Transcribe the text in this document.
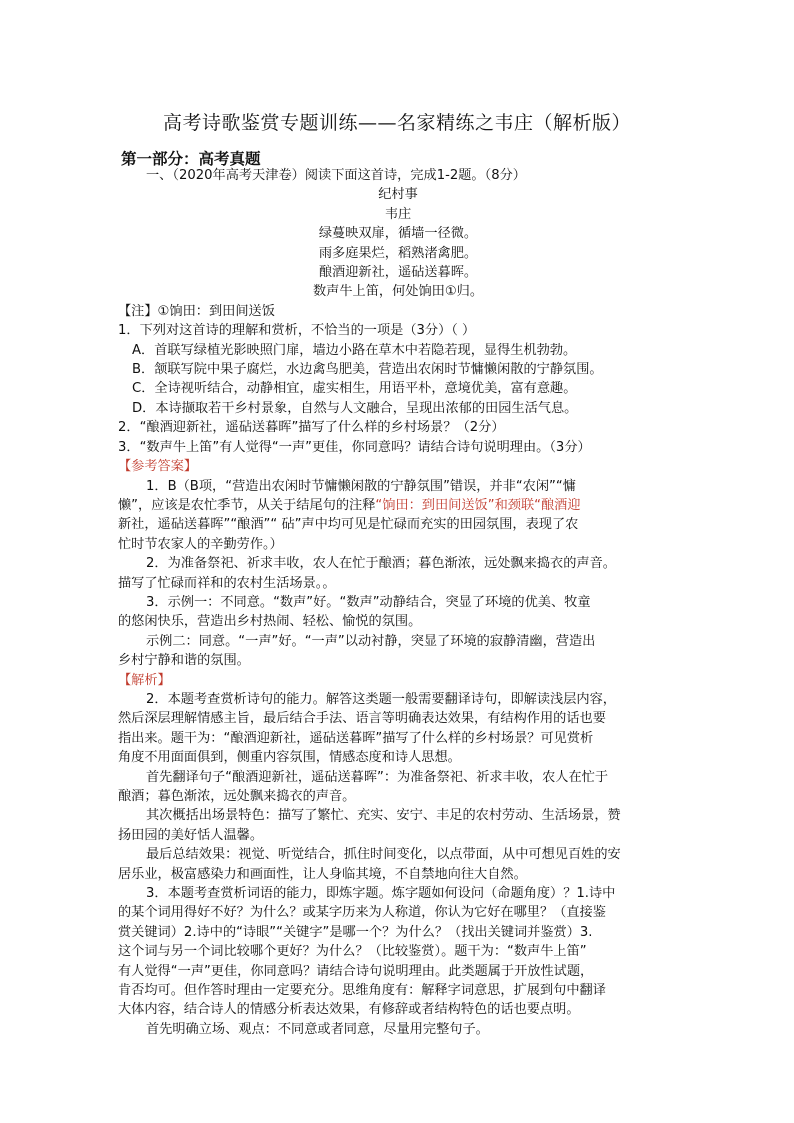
高考诗歌鉴赏专题训练——名家精练之韦庄（解析版）
第一部分：高考真题
一、（2020年高考天津卷）阅读下面这首诗，完成1-2题。（8分）
纪村事
韦庄
绿蔓映双扉，循墙一径微。
雨多庭果烂，稻熟渚禽肥。
酿酒迎新社，遥砧送暮晖。
数声牛上笛，何处饷田①归。
【注】①饷田：到田间送饭
1．下列对这首诗的理解和赏析，不恰当的一项是（3分）（ ）
A．首联写绿植光影映照门扉，墙边小路在草木中若隐若现，显得生机勃勃。
B．颔联写院中果子腐烂，水边禽鸟肥美，营造出农闲时节慵懒闲散的宁静氛围。
C．全诗视听结合，动静相宜，虚实相生，用语平朴，意境优美，富有意趣。
D．本诗撷取若干乡村景象，自然与人文融合，呈现出浓郁的田园生活气息。
2．“酿酒迎新社，遥砧送暮晖”描写了什么样的乡村场景？（2分）
3．“数声牛上笛”有人觉得“一声”更佳，你同意吗？请结合诗句说明理由。（3分）
【参考答案】
1．B（B项，“营造出农闲时节慵懒闲散的宁静氛围”错误，并非“农闲”“慵
懒”，应该是农忙季节，从关于结尾句的注释“饷田：到田间送饭”和颈联“酿酒迎
新社，遥砧送暮晖”“酿酒”“ 砧”声中均可见是忙碌而充实的田园氛围，表现了农
忙时节农家人的辛勤劳作。）
2．为准备祭祀、祈求丰收，农人在忙于酿酒；暮色渐浓，远处飘来捣衣的声音。
描写了忙碌而祥和的农村生活场景。。
3．示例一：不同意。“数声”好。“数声”动静结合，突显了环境的优美、牧童
的悠闲快乐，营造出乡村热闹、轻松、愉悦的氛围。
示例二：同意。“一声”好。“一声”以动衬静，突显了环境的寂静清幽，营造出
乡村宁静和谐的氛围。
【解析】
2．本题考查赏析诗句的能力。解答这类题一般需要翻译诗句，即解读浅层内容，
然后深层理解情感主旨，最后结合手法、语言等明确表达效果，有结构作用的话也要
指出来。题干为：“酿酒迎新社，遥砧送暮晖”描写了什么样的乡村场景？可见赏析
角度不用面面俱到，侧重内容氛围，情感态度和诗人思想。
首先翻译句子“酿酒迎新社，遥砧送暮晖”：为准备祭祀、祈求丰收，农人在忙于
酿酒；暮色渐浓，远处飘来捣衣的声音。
其次概括出场景特色：描写了繁忙、充实、安宁、丰足的农村劳动、生活场景，赞
扬田园的美好恬人温馨。
最后总结效果：视觉、听觉结合，抓住时间变化，以点带面，从中可想见百姓的安
居乐业，极富感染力和画面性，让人身临其境，不自禁地向往大自然。
3．本题考查赏析词语的能力，即炼字题。炼字题如何设问（命题角度）？1.诗中
的某个词用得好不好？为什么？或某字历来为人称道，你认为它好在哪里？（直接鉴
赏关键词）2.诗中的“诗眼”“关键字”是哪一个？为什么？（找出关键词并鉴赏）3.
这个词与另一个词比较哪个更好？为什么？（比较鉴赏）。题干为：“数声牛上笛”
有人觉得“一声”更佳，你同意吗？请结合诗句说明理由。此类题属于开放性试题，
肯否均可。但作答时理由一定要充分。思维角度有：解释字词意思，扩展到句中翻译
大体内容，结合诗人的情感分析表达效果，有修辞或者结构特色的话也要点明。
首先明确立场、观点：不同意或者同意，尽量用完整句子。
